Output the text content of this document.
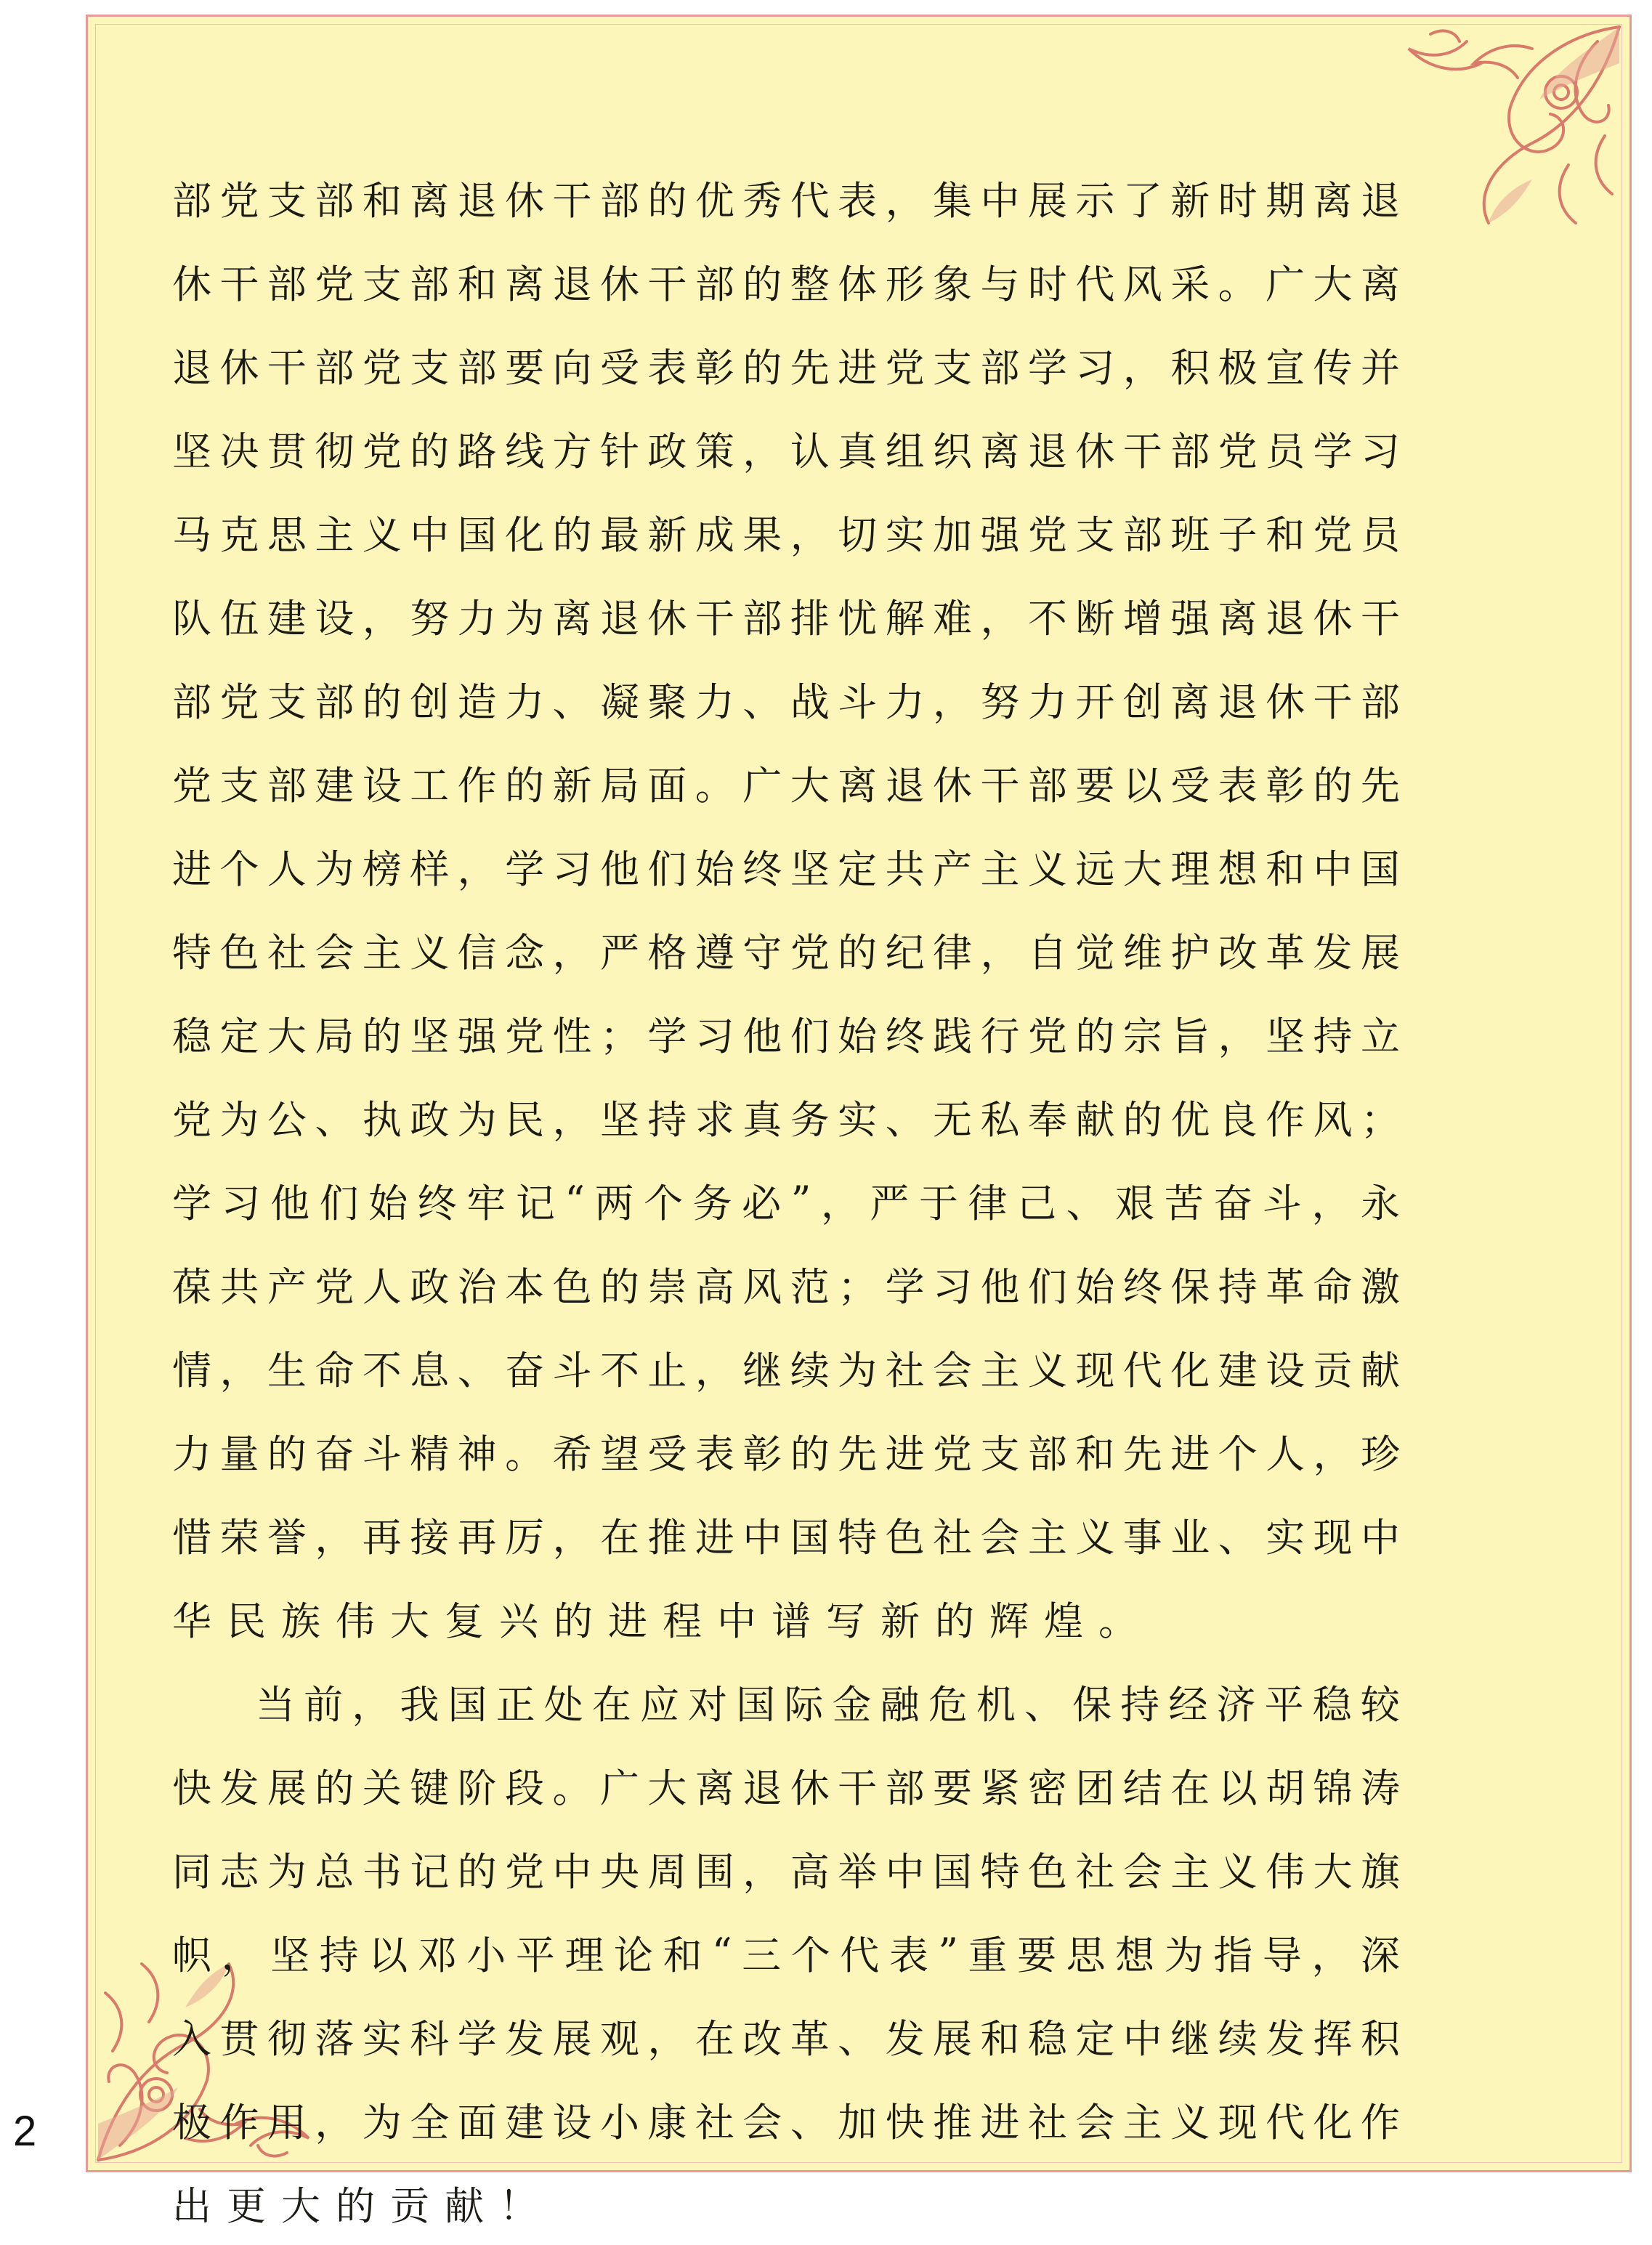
部 党 支 部 和 离 退 休 干 部 的 优 秀 代 表 ， 集 中 展 示 了 新 时 期 离 退
休 干 部 党 支 部 和 离 退 休 干 部 的 整 体 形 象 与 时 代 风 采 。 广 大 离
退 休 干 部 党 支 部 要 向 受 表 彰 的 先 进 党 支 部 学 习 ， 积 极 宣 传 并
坚 决 贯 彻 党 的 路 线 方 针 政 策 ， 认 真 组 织 离 退 休 干 部 党 员 学 习
马 克 思 主 义 中 国 化 的 最 新 成 果 ， 切 实 加 强 党 支 部 班 子 和 党 员
队 伍 建 设 ， 努 力 为 离 退 休 干 部 排 忧 解 难 ， 不 断 增 强 离 退 休 干
部 党 支 部 的 创 造 力 、 凝 聚 力 、 战 斗 力 ， 努 力 开 创 离 退 休 干 部
党 支 部 建 设 工 作 的 新 局 面 。 广 大 离 退 休 干 部 要 以 受 表 彰 的 先
进 个 人 为 榜 样 ， 学 习 他 们 始 终 坚 定 共 产 主 义 远 大 理 想 和 中 国
特 色 社 会 主 义 信 念 ， 严 格 遵 守 党 的 纪 律 ， 自 觉 维 护 改 革 发 展
稳 定 大 局 的 坚 强 党 性 ； 学 习 他 们 始 终 践 行 党 的 宗 旨 ， 坚 持 立
党 为 公 、 执 政 为 民 ， 坚 持 求 真 务 实 、 无 私 奉 献 的 优 良 作 风 ；
学 习 他 们 始 终 牢 记 “ 两 个 务 必 ” ， 严 于 律 己 、 艰 苦 奋 斗 ， 永
葆 共 产 党 人 政 治 本 色 的 崇 高 风 范 ； 学 习 他 们 始 终 保 持 革 命 激
情 ， 生 命 不 息 、 奋 斗 不 止 ， 继 续 为 社 会 主 义 现 代 化 建 设 贡 献
力 量 的 奋 斗 精 神 。 希 望 受 表 彰 的 先 进 党 支 部 和 先 进 个 人 ， 珍
惜 荣 誉 ， 再 接 再 厉 ， 在 推 进 中 国 特 色 社 会 主 义 事 业 、 实 现 中
华民族伟大复兴的进程中谱写新的辉煌。
当 前 ， 我 国 正 处 在 应 对 国 际 金 融 危 机 、 保 持 经 济 平 稳 较
快 发 展 的 关 键 阶 段 。 广 大 离 退 休 干 部 要 紧 密 团 结 在 以 胡 锦 涛
同 志 为 总 书 记 的 党 中 央 周 围 ， 高 举 中 国 特 色 社 会 主 义 伟 大 旗
帜 ， 坚 持 以 邓 小 平 理 论 和 “ 三 个 代 表 ” 重 要 思 想 为 指 导 ， 深
入 贯 彻 落 实 科 学 发 展 观 ， 在 改 革 、 发 展 和 稳 定 中 继 续 发 挥 积
极 作 用 ， 为 全 面 建 设 小 康 社 会 、 加 快 推 进 社 会 主 义 现 代 化 作
出更大的贡献！
2
